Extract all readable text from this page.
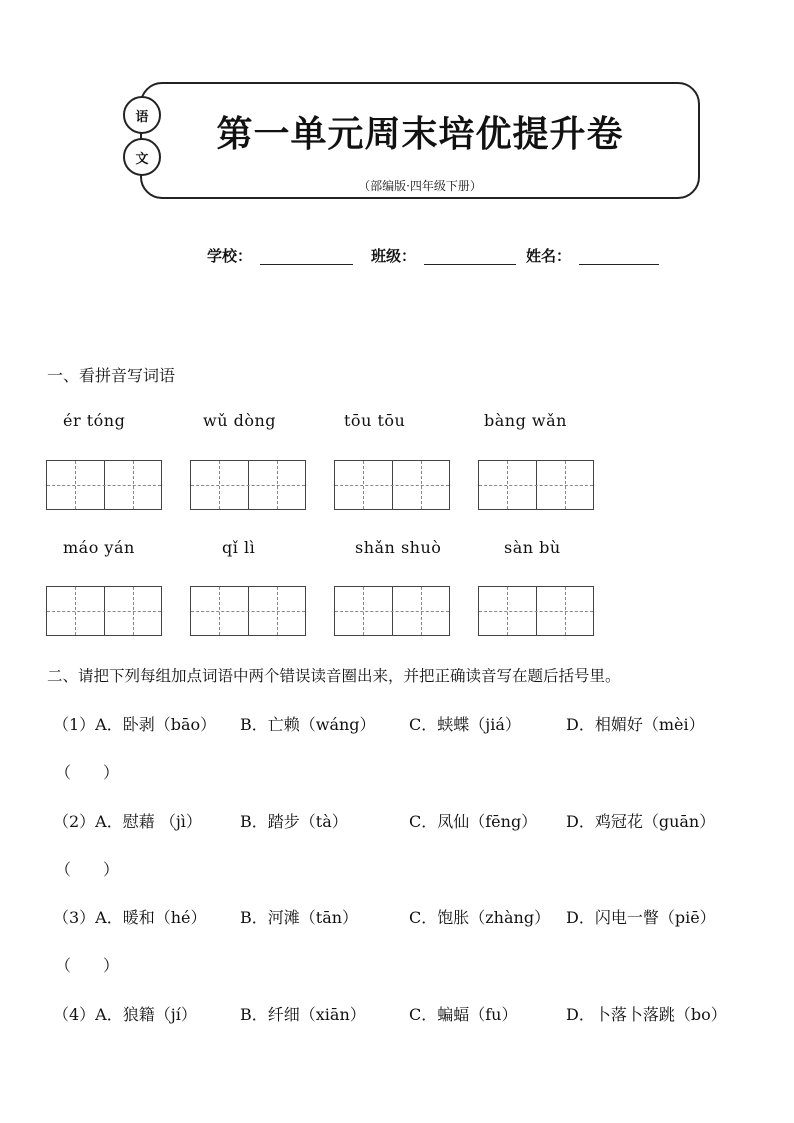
语
文
第一单元周末培优提升卷
（部编版·四年级下册）
学校：	班级：	姓名：
一、看拼音写词语
ér tóng	wǔ dòng	tōu tōu	bàng wǎn
máo yán	qǐ lì	shǎn shuò	sàn bù
二、请把下列每组加点词语中两个错误读音圈出来，并把正确读音写在题后括号里。
（1）A．卧剥（bāo） B．亡赖（wáng） C．蛱蝶（jiá）	D．相媚好（mèi）
（　　）
（2）A．慰藉 （jì） B．踏步（tà）	C．凤仙（fēng） D．鸡冠花（guān）
（　　）
（3）A．暖和（hé） B．河滩（tān）	C．饱胀（zhàng） D．闪电一瞥（piē）
（　　）
（4）A．狼籍（jí）	B．纤细（xiān）	C．蝙蝠（fu）	D．卜落卜落跳（bo）
